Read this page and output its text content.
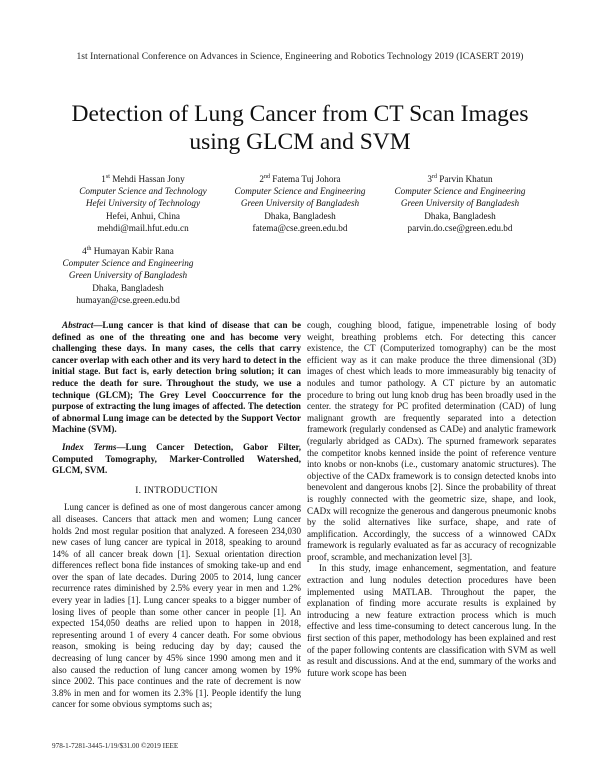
1st International Conference on Advances in Science, Engineering and Robotics Technology 2019 (ICASERT 2019)
Detection of Lung Cancer from CT Scan Images
using GLCM and SVM
1st Mehdi Hassan Jony
Computer Science and Technology
Hefei University of Technology
Hefei, Anhui, China
mehdi@mail.hfut.edu.cn
2nd Fatema Tuj Johora
Computer Science and Engineering
Green University of Bangladesh
Dhaka, Bangladesh
fatema@cse.green.edu.bd
3rd Parvin Khatun
Computer Science and Engineering
Green University of Bangladesh
Dhaka, Bangladesh
parvin.do.cse@green.edu.bd
4th Humayan Kabir Rana
Computer Science and Engineering
Green University of Bangladesh
Dhaka, Bangladesh
humayan@cse.green.edu.bd

Abstract—Lung cancer is that kind of disease that can be defined as one of the threating one and has become very challenging these days. In many cases, the cells that carry cancer overlap with each other and its very hard to detect in the initial stage. But fact is, early detection bring solution; it can reduce the death for sure. Throughout the study, we use a technique (GLCM); The Grey Level Cooccurrence for the purpose of extracting the lung images of affected. The detection of abnormal Lung image can be detected by the Support Vector Machine (SVM).

Index Terms—Lung Cancer Detection, Gabor Filter, Computed Tomography, Marker-Controlled Watershed, GLCM, SVM.

I. INTRODUCTION

Lung cancer is defined as one of most dangerous cancer among all diseases. Cancers that attack men and women; Lung cancer holds 2nd most regular position that analyzed. A foreseen 234,030 new cases of lung cancer are typical in 2018, speaking to around 14% of all cancer break down [1]. Sexual orientation direction differences reflect bona fide instances of smoking take-up and end over the span of late decades. During 2005 to 2014, lung cancer recurrence rates diminished by 2.5% every year in men and 1.2% every year in ladies [1]. Lung cancer speaks to a bigger number of losing lives of people than some other cancer in people [1]. An expected 154,050 deaths are relied upon to happen in 2018, representing around 1 of every 4 cancer death. For some obvious reason, smoking is being reducing day by day; caused the decreasing of lung cancer by 45% since 1990 among men and it also caused the reduction of lung cancer among women by 19% since 2002. This pace continues and the rate of decrement is now 3.8% in men and for women its 2.3% [1]. People identify the lung cancer for some obvious symptoms such as;

cough, coughing blood, fatigue, impenetrable losing of body weight, breathing problems etch. For detecting this cancer existence, the CT (Computerized tomography) can be the most efficient way as it can make produce the three dimensional (3D) images of chest which leads to more immeasurably big tenacity of nodules and tumor pathology. A CT picture by an automatic procedure to bring out lung knob drug has been broadly used in the center. the strategy for PC profited determination (CAD) of lung malignant growth are frequently separated into a detection framework (regularly condensed as CADe) and analytic framework (regularly abridged as CADx). The spurned framework separates the competitor knobs kenned inside the point of reference venture into knobs or non-knobs (i.e., customary anatomic structures). The objective of the CADx framework is to consign detected knobs into benevolent and dangerous knobs [2]. Since the probability of threat is roughly connected with the geometric size, shape, and look, CADx will recognize the generous and dangerous pneumonic knobs by the solid alternatives like surface, shape, and rate of amplification. Accordingly, the success of a winnowed CADx framework is regularly evaluated as far as accuracy of recognizable proof, scramble, and mechanization level [3].

In this study, image enhancement, segmentation, and feature extraction and lung nodules detection procedures have been implemented using MATLAB. Throughout the paper, the explanation of finding more accurate results is explained by introducing a new feature extraction process which is much effective and less time-consuming to detect cancerous lung. In the first section of this paper, methodology has been explained and rest of the paper following contents are classification with SVM as well as result and discussions. And at the end, summary of the works and future work scope has been

978-1-7281-3445-1/19/$31.00 ©2019 IEEE
